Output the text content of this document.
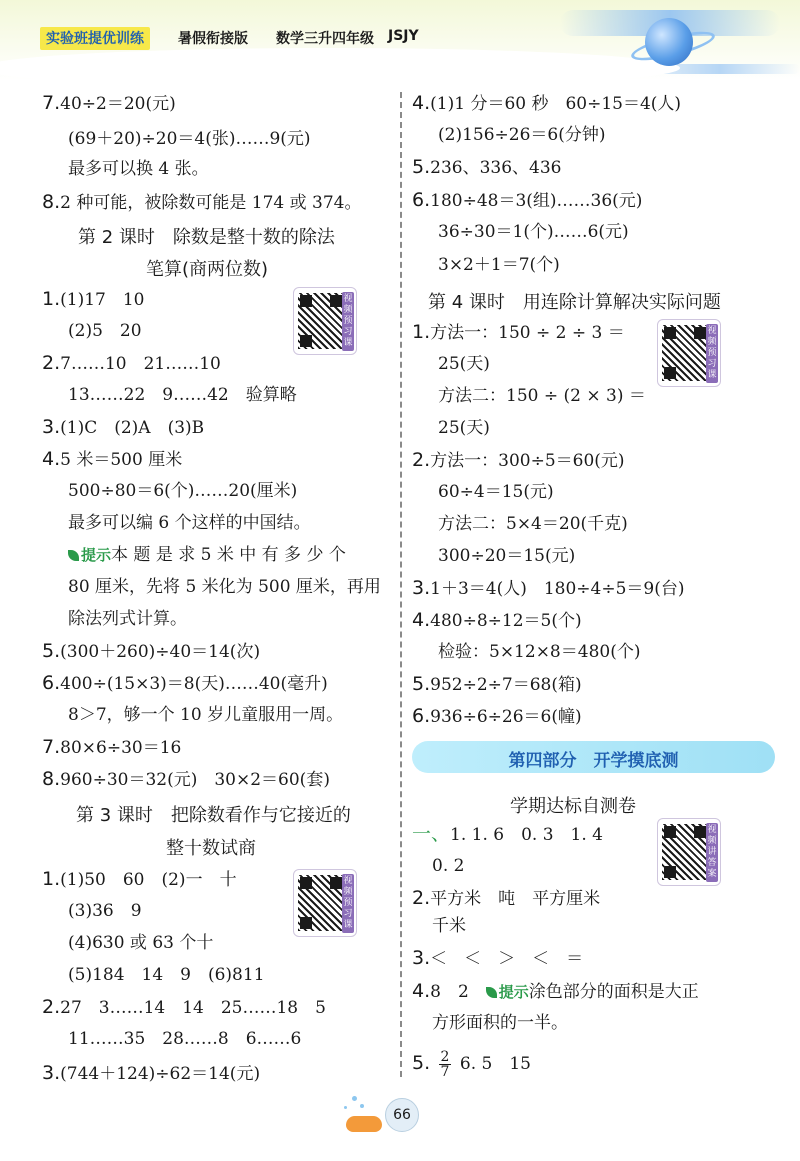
实验班提优训练	暑假衔接版 数学三升四年级 JSJY
7.40÷2＝20(元)
(69＋20)÷20＝4(张)……9(元)
最多可以换 4 张。
8.2 种可能，被除数可能是 174 或 374。
第 2 课时　除数是整十数的除法
笔算(商两位数)
1.(1)17　10
(2)5　20
2.7……10　21……10
13……22　9……42　验算略
3.(1)C　(2)A　(3)B
4.5 米＝500 厘米
500÷80＝6(个)……20(厘米)
最多可以编 6 个这样的中国结。
提示本 题 是 求 5 米 中 有 多 少 个
80 厘米，先将 5 米化为 500 厘米，再用
除法列式计算。
5.(300＋260)÷40＝14(次)
6.400÷(15×3)＝8(天)……40(毫升)
8＞7，够一个 10 岁儿童服用一周。
7.80×6÷30＝16
8.960÷30＝32(元)　30×2＝60(套)
第 3 课时　把除数看作与它接近的
整十数试商
1.(1)50　60　(2)一　十
(3)36　9
(4)630 或 63 个十
(5)184　14　9　(6)811
2.27　3……14　14　25……18　5
11……35　28……8　6……6
3.(744＋124)÷62＝14(元)
视频预习课
视频预习课
4.(1)1 分＝60 秒　60÷15＝4(人)
(2)156÷26＝6(分钟)
5.236、336、436
6.180÷48＝3(组)……36(元)
36÷30＝1(个)……6(元)
3×2＋1＝7(个)
第 4 课时　用连除计算解决实际问题
1.方法一：150 ÷ 2 ÷ 3 ＝
25(天)
方法二：150 ÷ (2 × 3) ＝
25(天)
2.方法一：300÷5＝60(元)
60÷4＝15(元)
方法二：5×4＝20(千克)
300÷20＝15(元)
3.1＋3＝4(人)　180÷4÷5＝9(台)
4.480÷8÷12＝5(个)
检验：5×12×8＝480(个)
5.952÷2÷7＝68(箱)
6.936÷6÷26＝6(幢)
学期达标自测卷
一、1. 1. 6　0. 3　1. 4
0. 2
2.平方米　吨　平方厘米
千米
3.＜　＜　＞　＜　＝
4.8　2　 提示涂色部分的面积是大正
方形面积的一半。
5. $\frac{2}{7} 6$. 5　15
视频预习课
视频讲答案
第四部分　开学摸底测
66
